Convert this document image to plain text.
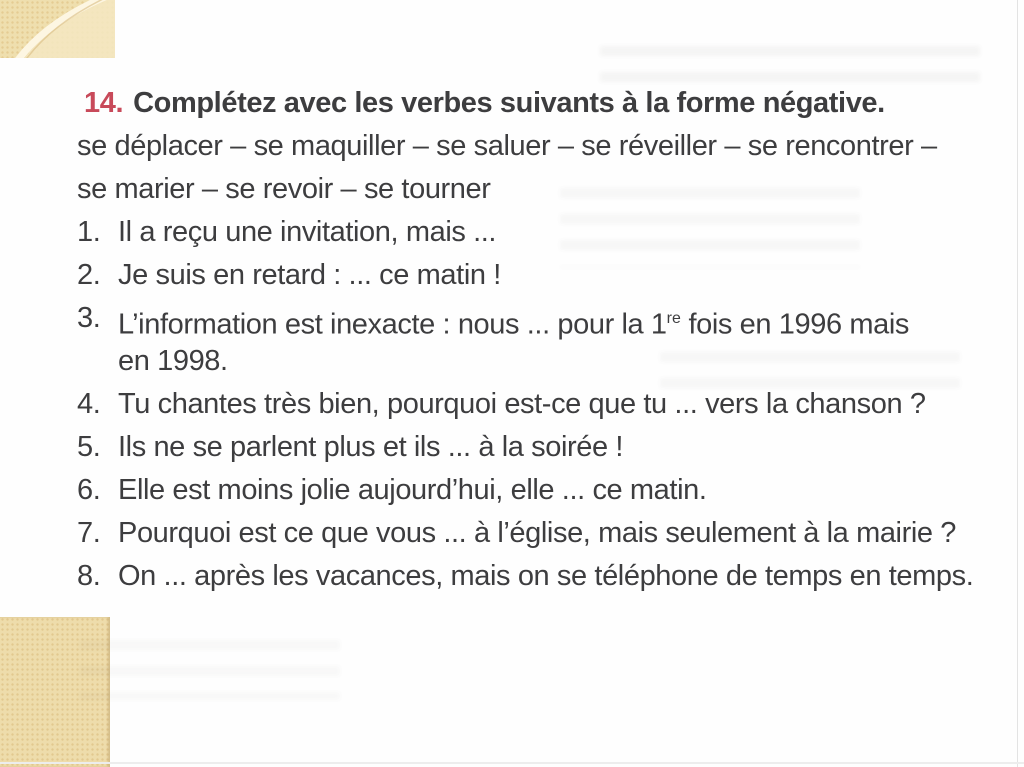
14. Complétez avec les verbes suivants à la forme négative.
se déplacer – se maquiller – se saluer – se réveiller – se rencontrer –
se marier – se revoir – se tourner
1. Il a reçu une invitation, mais ...
2. Je suis en retard : ... ce matin !
3. L’information est inexacte : nous ... pour la 1re fois en 1996 mais
en 1998.
4. Tu chantes très bien, pourquoi est-ce que tu ... vers la chanson ?
5. Ils ne se parlent plus et ils ... à la soirée !
6. Elle est moins jolie aujourd’hui, elle ... ce matin.
7. Pourquoi est ce que vous ... à l’église, mais seulement à la mairie ?
8. On ... après les vacances, mais on se téléphone de temps en temps.
